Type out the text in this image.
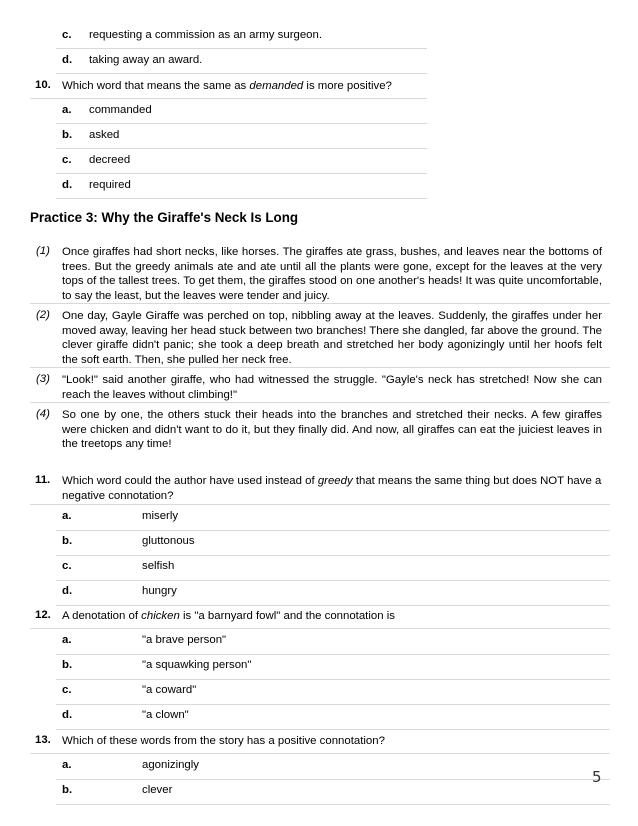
c. requesting a commission as an army surgeon.
d. taking away an award.
10. Which word that means the same as demanded is more positive?
a. commanded
b. asked
c. decreed
d. required
Practice 3: Why the Giraffe's Neck Is Long
(1) Once giraffes had short necks, like horses. The giraffes ate grass, bushes, and leaves near the bottoms of trees. But the greedy animals ate and ate until all the plants were gone, except for the leaves at the very tops of the tallest trees. To get them, the giraffes stood on one another's heads! It was quite uncomfortable, to say the least, but the leaves were tender and juicy.
(2) One day, Gayle Giraffe was perched on top, nibbling away at the leaves. Suddenly, the giraffes under her moved away, leaving her head stuck between two branches! There she dangled, far above the ground. The clever giraffe didn't panic; she took a deep breath and stretched her body agonizingly until her hoofs felt the soft earth. Then, she pulled her neck free.
(3) "Look!" said another giraffe, who had witnessed the struggle. "Gayle's neck has stretched! Now she can reach the leaves without climbing!"
(4) So one by one, the others stuck their heads into the branches and stretched their necks. A few giraffes were chicken and didn't want to do it, but they finally did. And now, all giraffes can eat the juiciest leaves in the treetops any time!
11. Which word could the author have used instead of greedy that means the same thing but does NOT have a negative connotation?
a.	miserly
b.	gluttonous
c.	selfish
d.	hungry
12. A denotation of chicken is "a barnyard fowl" and the connotation is
a.	"a brave person"
b.	"a squawking person"
c.	"a coward"
d.	"a clown"
13. Which of these words from the story has a positive connotation?
a.	agonizingly
b.	clever
5
